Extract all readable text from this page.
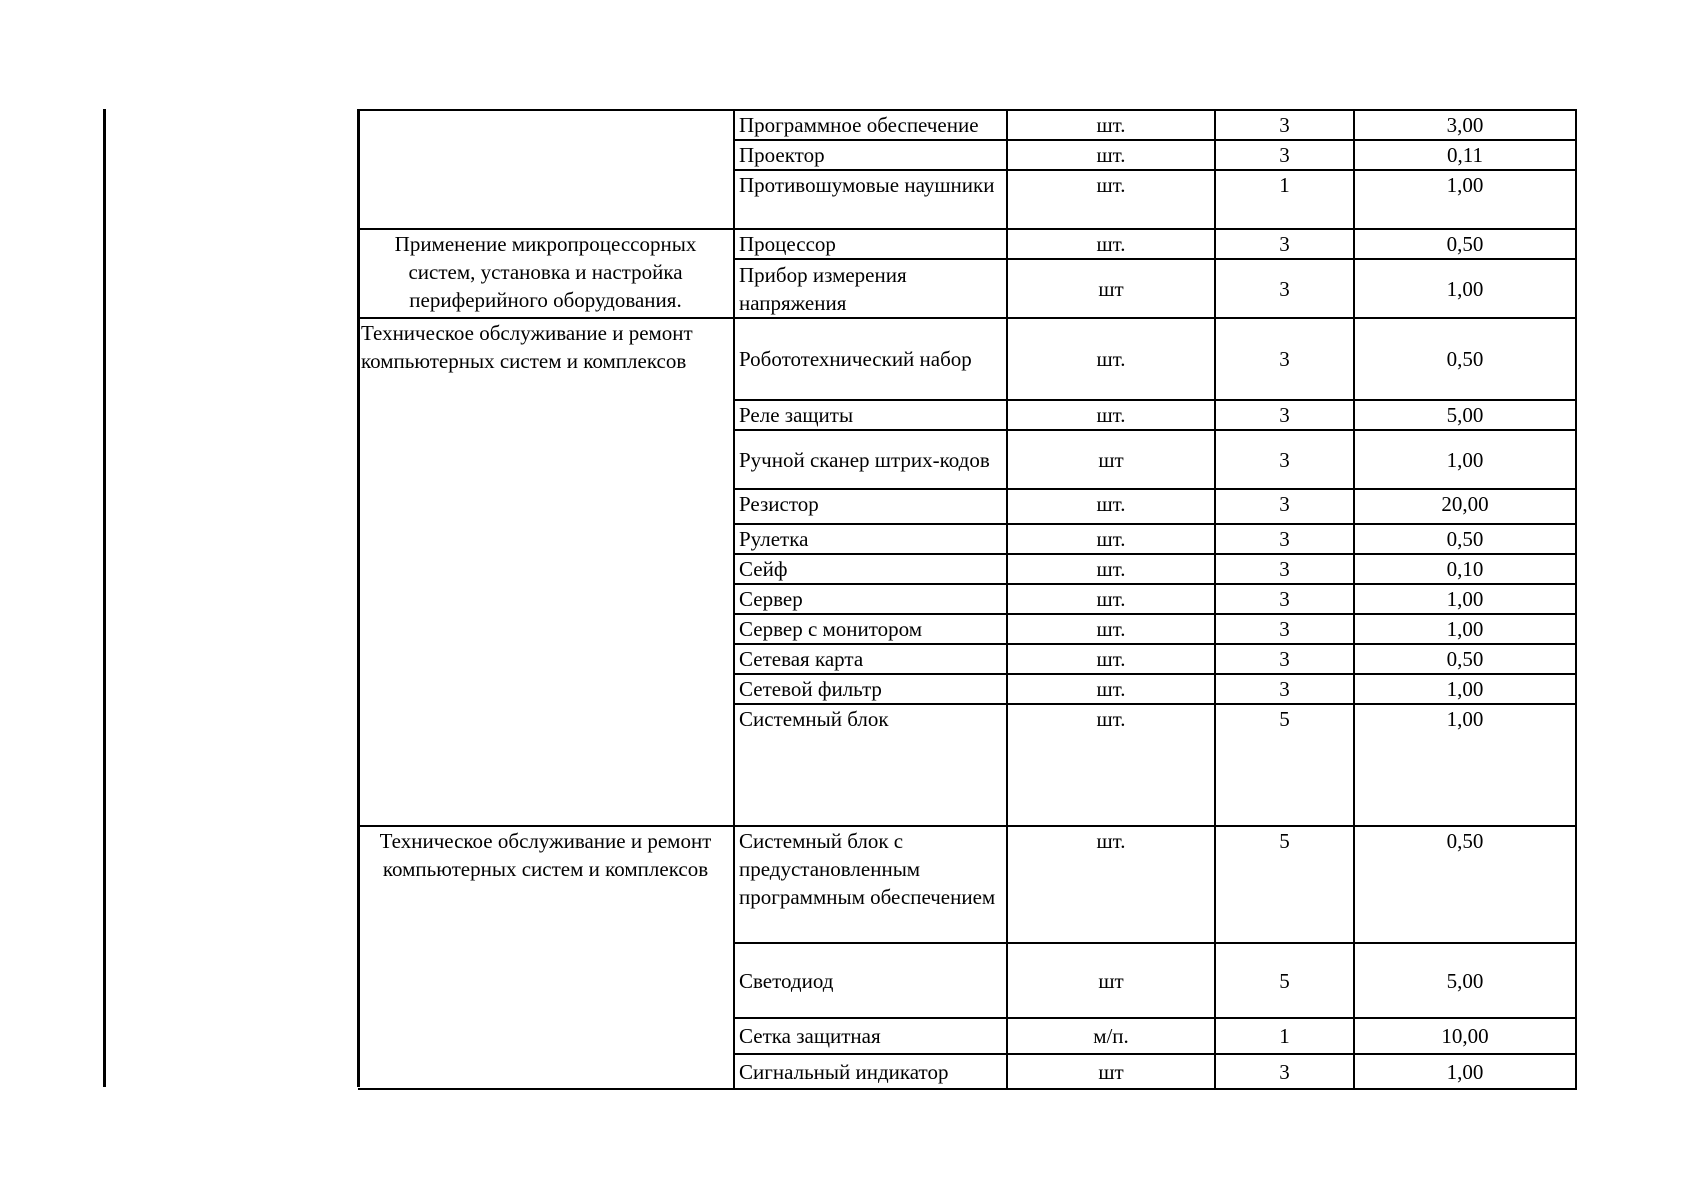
	Программное обеспечение	шт.	3	3,00
	Проектор	шт.	3	0,11
	Противошумовые наушники	шт.	1	1,00
Применение микропроцессорных систем, установка и настройка периферийного оборудования.	Процессор	шт.	3	0,50
	Прибор измерения напряжения	шт	3	1,00
Техническое обслуживание и ремонт компьютерных систем и комплексов	Робототехнический набор	шт.	3	0,50
	Реле защиты	шт.	3	5,00
	Ручной сканер штрих-кодов	шт	3	1,00
	Резистор	шт.	3	20,00
	Рулетка	шт.	3	0,50
	Сейф	шт.	3	0,10
	Сервер	шт.	3	1,00
	Сервер с монитором	шт.	3	1,00
	Сетевая карта	шт.	3	0,50
	Сетевой фильтр	шт.	3	1,00
	Системный блок	шт.	5	1,00
Техническое обслуживание и ремонт компьютерных систем и комплексов	Системный блок с предустановленным программным обеспечением	шт.	5	0,50
	Светодиод	шт	5	5,00
	Сетка защитная	м/п.	1	10,00
	Сигнальный индикатор	шт	3	1,00
